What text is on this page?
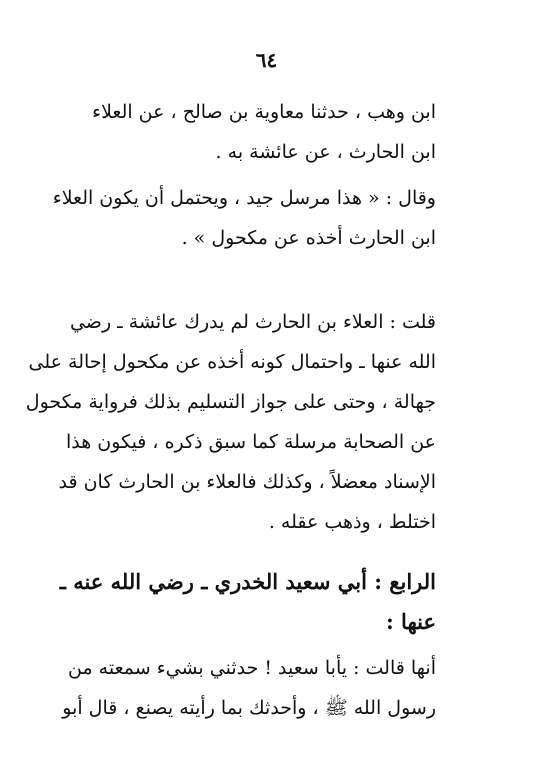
٦٤

ابن وهب ، حدثنا معاوية بن صالح ، عن العلاء

ابن الحارث ، عن عائشة به .

وقال : « هذا مرسل جيد ، ويحتمل أن يكون العلاء

ابن الحارث أخذه عن مكحول » .

قلت : العلاء بن الحارث لم يدرك عائشة ـ رضي

الله عنها ـ واحتمال كونه أخذه عن مكحول إحالة على

جهالة ، وحتى على جواز التسليم بذلك فرواية مكحول

عن الصحابة مرسلة كما سبق ذكره ، فيكون هذا

الإسناد معضلاً ، وكذلك فالعلاء بن الحارث كان قد

اختلط ، وذهب عقله .

الرابع : أبي سعيد الخدري ـ رضي الله عنه ـ

عنها :

أنها قالت : يأبا سعيد ! حدثني بشيء سمعته من

رسول الله ﷺ ، وأحدثك بما رأيته يصنع ، قال أبو
